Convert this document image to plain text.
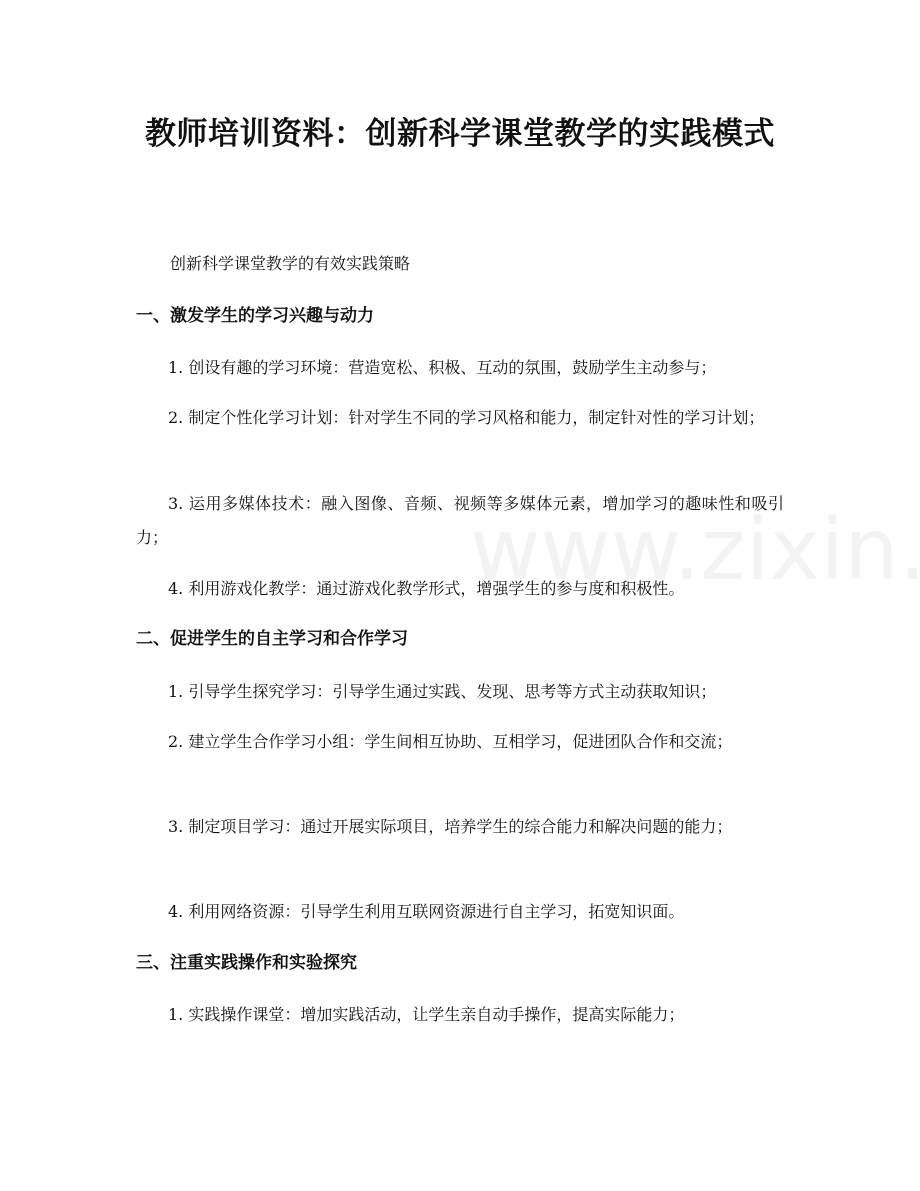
教师培训资料：创新科学课堂教学的实践模式

创新科学课堂教学的有效实践策略

一、激发学生的学习兴趣与动力

1. 创设有趣的学习环境：营造宽松、积极、互动的氛围，鼓励学生主动参与；

2. 制定个性化学习计划：针对学生不同的学习风格和能力，制定针对性的学习计划；

3. 运用多媒体技术：融入图像、音频、视频等多媒体元素，增加学习的趣味性和吸引力；

4. 利用游戏化教学：通过游戏化教学形式，增强学生的参与度和积极性。

二、促进学生的自主学习和合作学习

1. 引导学生探究学习：引导学生通过实践、发现、思考等方式主动获取知识；

2. 建立学生合作学习小组：学生间相互协助、互相学习，促进团队合作和交流；

3. 制定项目学习：通过开展实际项目，培养学生的综合能力和解决问题的能力；

4. 利用网络资源：引导学生利用互联网资源进行自主学习，拓宽知识面。

三、注重实践操作和实验探究

1. 实践操作课堂：增加实践活动，让学生亲自动手操作，提高实际能力；
